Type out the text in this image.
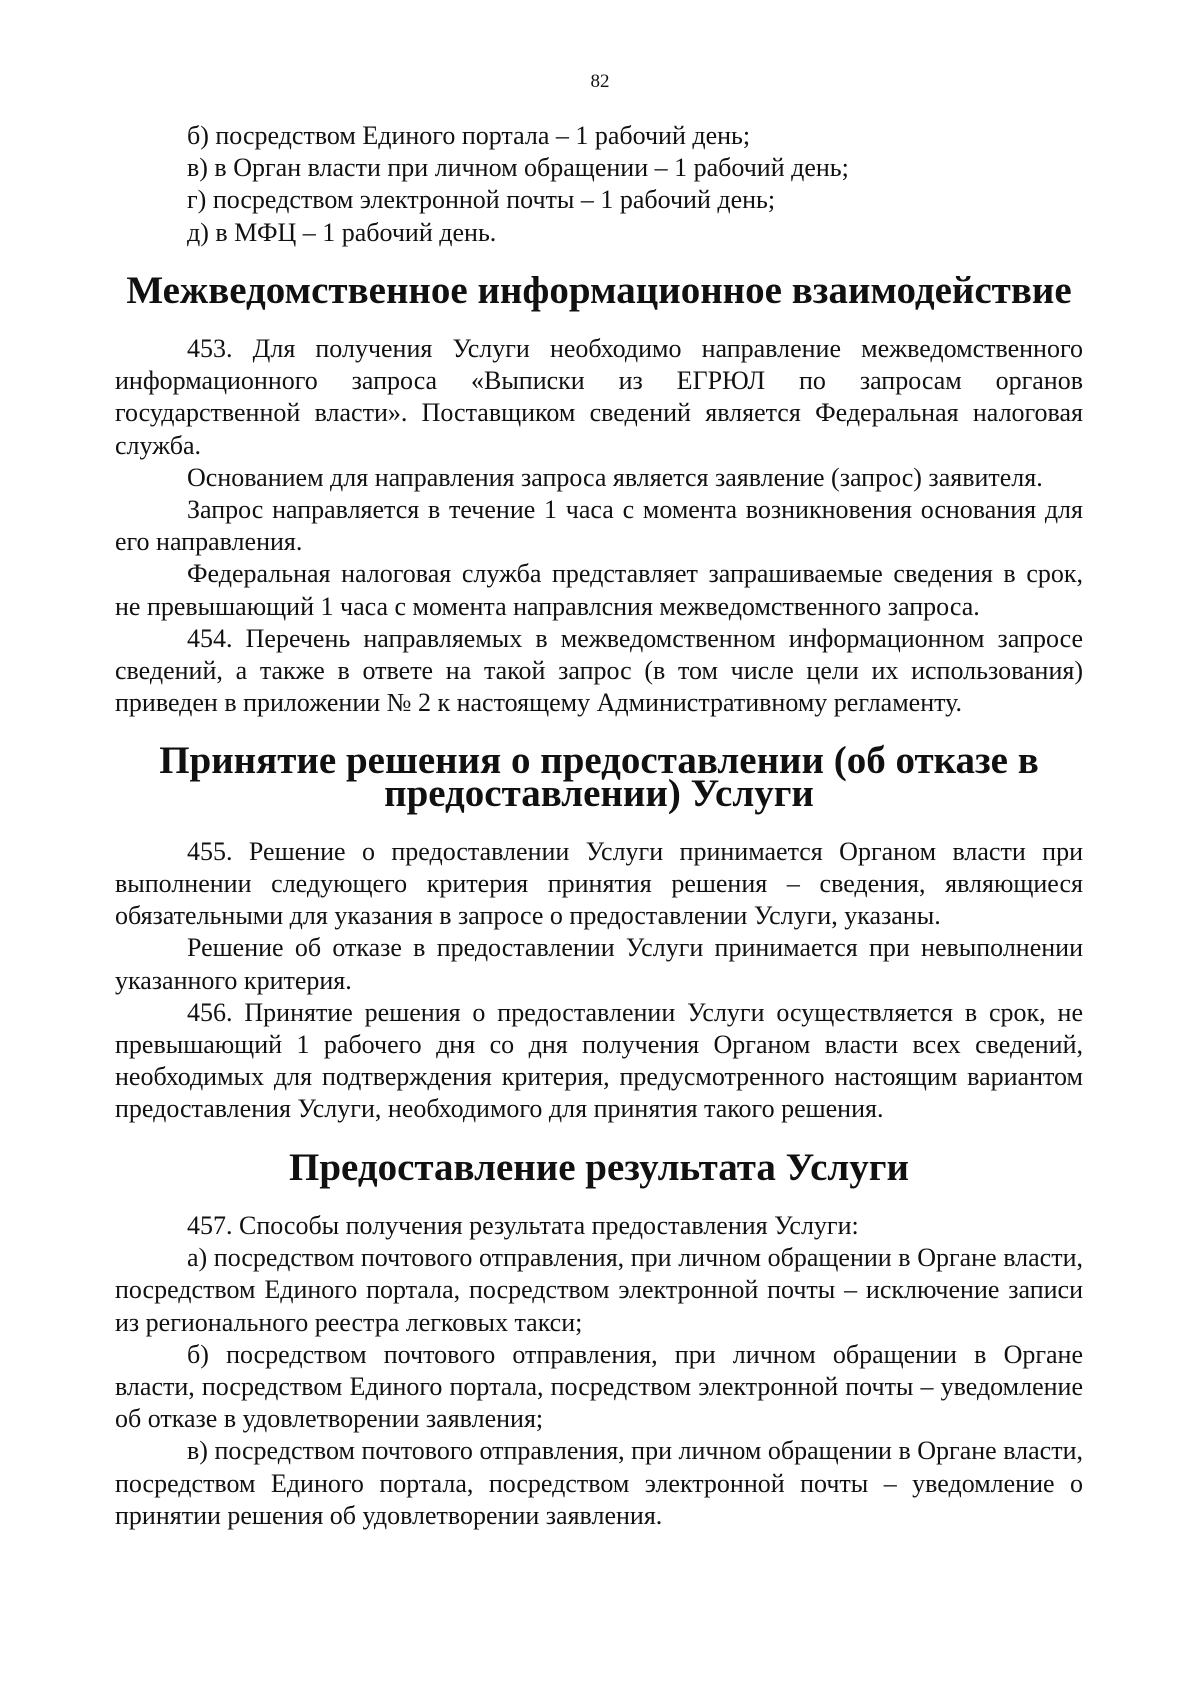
82

б) посредством Единого портала – 1 рабочий день;

в) в Орган власти при личном обращении – 1 рабочий день;

г) посредством электронной почты – 1 рабочий день;

д) в МФЦ – 1 рабочий день.

Межведомственное информационное взаимодействие

453. Для получения Услуги необходимо направление межведомственного информационного запроса «Выписки из ЕГРЮЛ по запросам органов государственной власти». Поставщиком сведений является Федеральная налоговая служба.

Основанием для направления запроса является заявление (запрос) заявителя.

Запрос направляется в течение 1 часа с момента возникновения основания для его направления.

Федеральная налоговая служба представляет запрашиваемые сведения в срок, не превышающий 1 часа с момента направлсния межведомственного запроса.

454. Перечень направляемых в межведомственном информационном запросе сведений, а также в ответе на такой запрос (в том числе цели их использования) приведен в приложении № 2 к настоящему Административному регламенту.

Принятие решения о предоставлении (об отказе в предоставлении) Услуги

455. Решение о предоставлении Услуги принимается Органом власти при выполнении следующего критерия принятия решения – сведения, являющиеся обязательными для указания в запросе о предоставлении Услуги, указаны.

Решение об отказе в предоставлении Услуги принимается при невыполнении указанного критерия.

456. Принятие решения о предоставлении Услуги осуществляется в срок, не превышающий 1 рабочего дня со дня получения Органом власти всех сведений, необходимых для подтверждения критерия, предусмотренного настоящим вариантом предоставления Услуги, необходимого для принятия такого решения.

Предоставление результата Услуги

457. Способы получения результата предоставления Услуги:

а) посредством почтового отправления, при личном обращении в Органе власти, посредством Единого портала, посредством электронной почты – исключение записи из регионального реестра легковых такси;

б) посредством почтового отправления, при личном обращении в Органе власти, посредством Единого портала, посредством электронной почты – уведомление об отказе в удовлетворении заявления;

в) посредством почтового отправления, при личном обращении в Органе власти, посредством Единого портала, посредством электронной почты – уведомление о принятии решения об удовлетворении заявления.
